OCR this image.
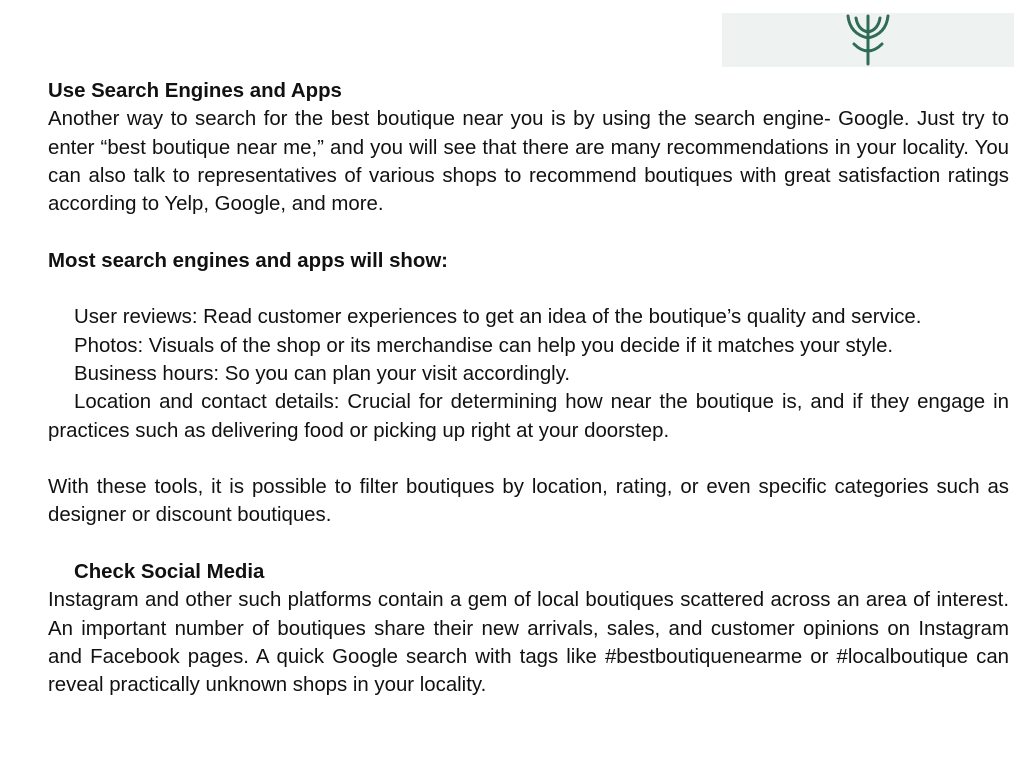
Use Search Engines and Apps

Another way to search for the best boutique near you is by using the search engine- Google. Just try to enter “best boutique near me,” and you will see that there are many recommendations in your locality. You can also talk to representatives of various shops to recommend boutiques with great satisfaction ratings according to Yelp, Google, and more.

Most search engines and apps will show:

User reviews: Read customer experiences to get an idea of the boutique’s quality and service.

Photos: Visuals of the shop or its merchandise can help you decide if it matches your style.

Business hours: So you can plan your visit accordingly.

Location and contact details: Crucial for determining how near the boutique is, and if they engage in practices such as delivering food or picking up right at your doorstep.

With these tools, it is possible to filter boutiques by location, rating, or even specific categories such as designer or discount boutiques.

Check Social Media

Instagram and other such platforms contain a gem of local boutiques scattered across an area of interest. An important number of boutiques share their new arrivals, sales, and customer opinions on Instagram and Facebook pages. A quick Google search with tags like #bestboutiquenearme or #localboutique can reveal practically unknown shops in your locality.
